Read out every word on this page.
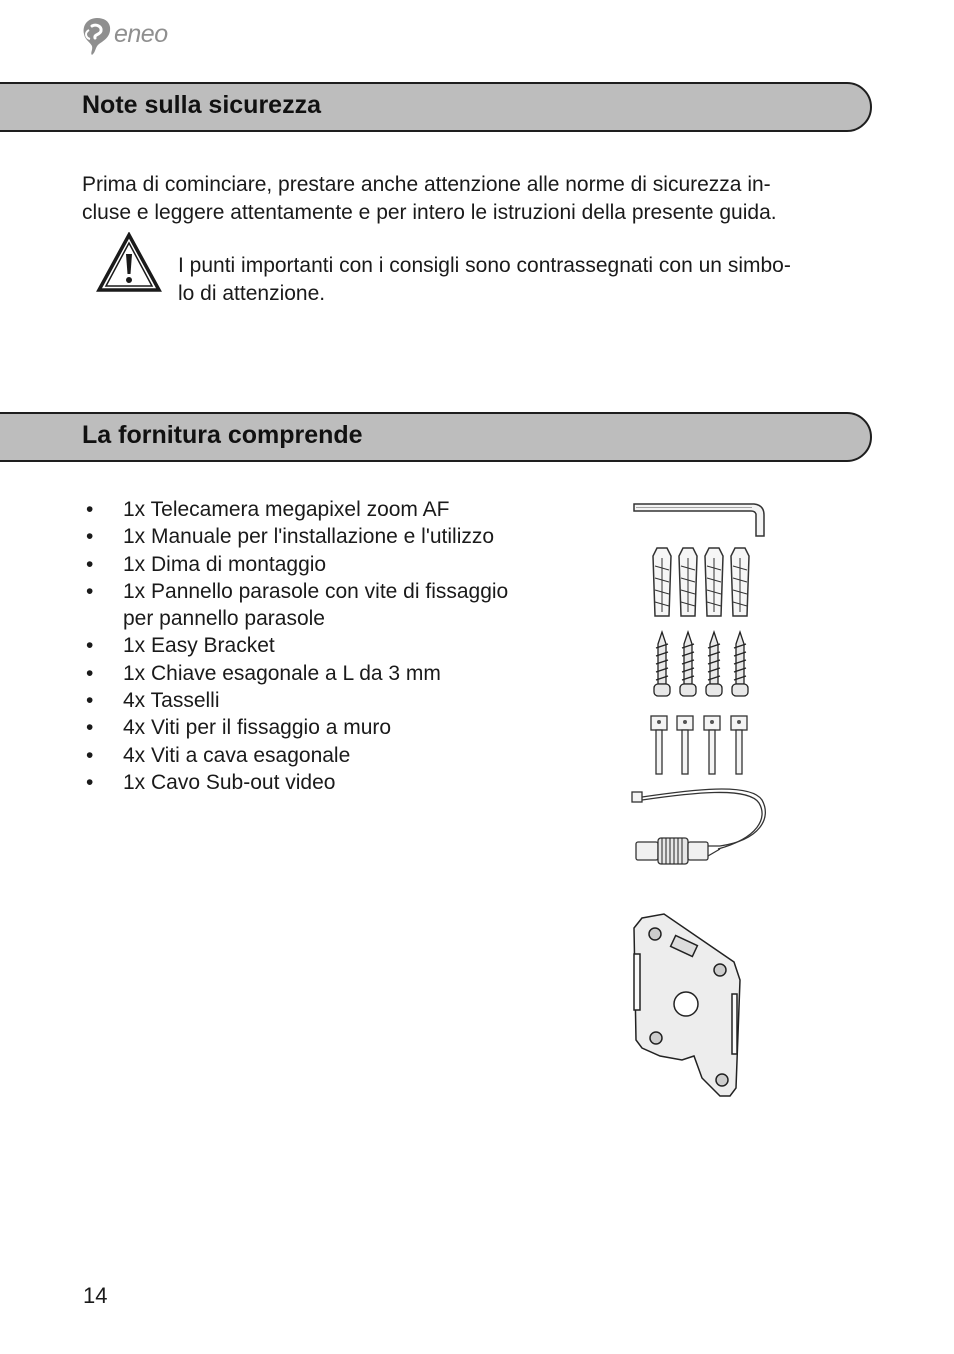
eneo
Note sulla sicurezza
Prima di cominciare, prestare anche attenzione alle norme di sicurezza in-
cluse e leggere attentamente e per intero le istruzioni della presente guida.
I punti importanti con i consigli sono contrassegnati con un simbo-
lo di attenzione.
La fornitura comprende
• 1x Telecamera megapixel zoom AF
• 1x Manuale per l'installazione e l'utilizzo
• 1x Dima di montaggio
• 1x Pannello parasole con vite di fissaggio per pannello parasole
• 1x Easy Bracket
• 1x Chiave esagonale a L da 3 mm
• 4x Tasselli
• 4x Viti per il fissaggio a muro
• 4x Viti a cava esagonale
• 1x Cavo Sub-out video
14
